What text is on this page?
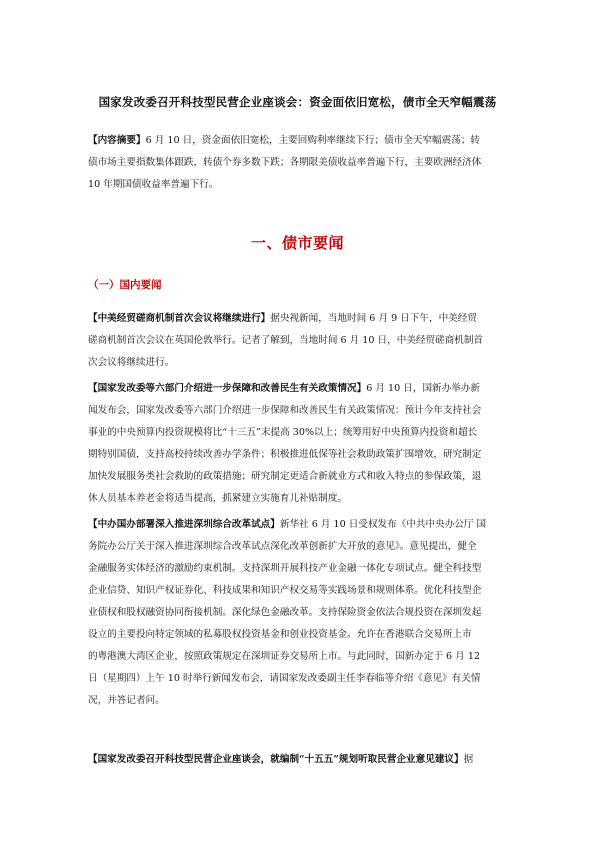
国家发改委召开科技型民营企业座谈会：资金面依旧宽松，债市全天窄幅震荡
【内容摘要】6 月 10 日，资金面依旧宽松，主要回购利率继续下行；债市全天窄幅震荡；转
债市场主要指数集体跟跌，转债个券多数下跌；各期限美债收益率普遍下行，主要欧洲经济体
10 年期国债收益率普遍下行。
一、债市要闻
（一）国内要闻
【中美经贸磋商机制首次会议将继续进行】据央视新闻，当地时间 6 月 9 日下午，中美经贸
磋商机制首次会议在英国伦敦举行。记者了解到，当地时间 6 月 10 日，中美经贸磋商机制首
次会议将继续进行。
【国家发改委等六部门介绍进一步保障和改善民生有关政策情况】6 月 10 日，国新办举办新
闻发布会，国家发改委等六部门介绍进一步保障和改善民生有关政策情况：预计今年支持社会
事业的中央预算内投资规模将比“十三五”末提高 30%以上；统筹用好中央预算内投资和超长
期特别国债，支持高校持续改善办学条件；积极推进低保等社会救助政策扩围增效，研究制定
加快发展服务类社会救助的政策措施；研究制定更适合新就业方式和收入特点的参保政策，退
休人员基本养老金将适当提高，抓紧建立实施育儿补贴制度。
【中办国办部署深入推进深圳综合改革试点】新华社 6 月 10 日受权发布《中共中央办公厅 国
务院办公厅关于深入推进深圳综合改革试点深化改革创新扩大开放的意见》。意见提出，健全
金融服务实体经济的激励约束机制。支持深圳开展科技产业金融一体化专项试点。健全科技型
企业信贷、知识产权证券化、科技成果和知识产权交易等实践场景和规则体系。优化科技型企
业债权和股权融资协同衔接机制。深化绿色金融改革。支持保险资金依法合规投资在深圳发起
设立的主要投向特定领域的私募股权投资基金和创业投资基金。允许在香港联合交易所上市
的粤港澳大湾区企业，按照政策规定在深圳证券交易所上市。与此同时，国新办定于 6 月 12
日（星期四）上午 10 时举行新闻发布会，请国家发改委副主任李春临等介绍《意见》有关情
况，并答记者问。
【国家发改委召开科技型民营企业座谈会，就编制“十五五”规划听取民营企业意见建议】据
